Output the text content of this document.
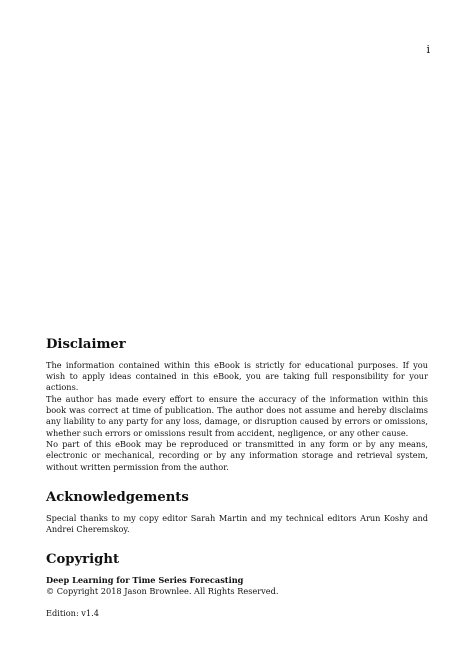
i
Disclaimer

The information contained within this eBook is strictly for educational purposes. If you wish to apply ideas contained in this eBook, you are taking full responsibility for your actions.

The author has made every effort to ensure the accuracy of the information within this book was correct at time of publication. The author does not assume and hereby disclaims any liability to any party for any loss, damage, or disruption caused by errors or omissions, whether such errors or omissions result from accident, negligence, or any other cause.

No part of this eBook may be reproduced or transmitted in any form or by any means, electronic or mechanical, recording or by any information storage and retrieval system, without written permission from the author.

Acknowledgements

Special thanks to my copy editor Sarah Martin and my technical editors Arun Koshy and Andrei Cheremskoy.

Copyright

Deep Learning for Time Series Forecasting

© Copyright 2018 Jason Brownlee. All Rights Reserved.

Edition: v1.4
